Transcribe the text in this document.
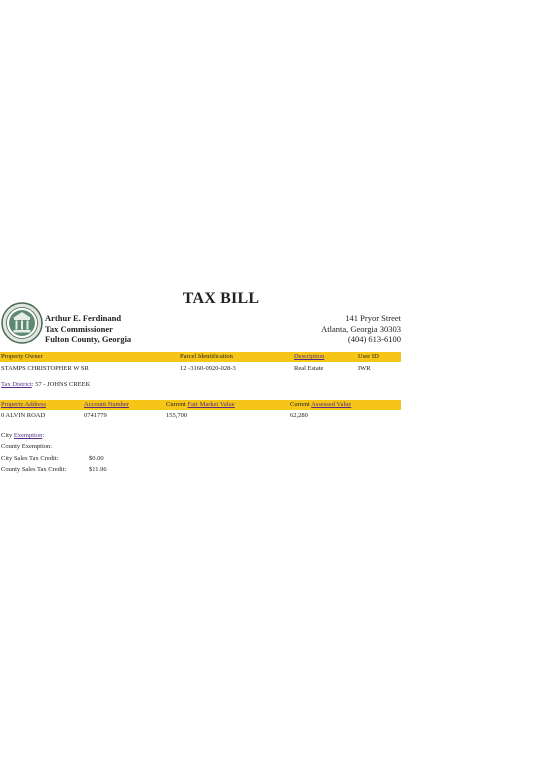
TAX BILL
Arthur E. Ferdinand
Tax Commissioner
Fulton County, Georgia
141 Pryor Street
Atlanta, Georgia 30303
(404) 613-6100
Property Owner	Parcel Identification	Description	User ID
STAMPS CHRISTOPHER W SR	12 -3160-0920-028-3	Real Estate	IWR
Tax District: 57 - JOHNS CREEK
Property Address	Account Number	Current Fair Market Value	Current Assessed Value
0 ALVIN ROAD	0741779	155,700	62,280
City Exemption:
County Exemption:
City Sales Tax Credit:	$0.00
County Sales Tax Credit:	$11.96
